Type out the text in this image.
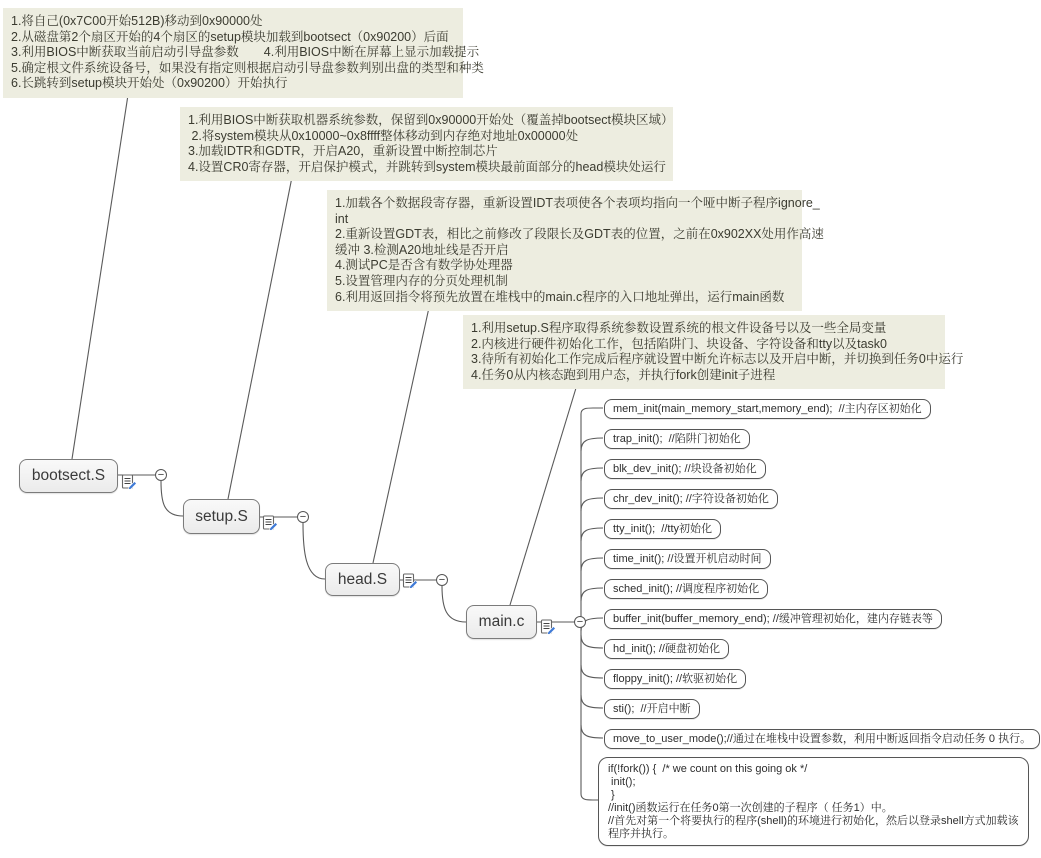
1.将自己(0x7C00开始512B)移动到0x90000处
2.从磁盘第2个扇区开始的4个扇区的setup模块加载到bootsect（0x90200）后面
3.利用BIOS中断获取当前启动引导盘参数　　4.利用BIOS中断在屏幕上显示加载提示
5.确定根文件系统设备号，如果没有指定则根据启动引导盘参数判别出盘的类型和种类
6.长跳转到setup模块开始处（0x90200）开始执行
1.利用BIOS中断获取机器系统参数，保留到0x90000开始处（覆盖掉bootsect模块区域）
2.将system模块从0x10000~0x8ffff整体移动到内存绝对地址0x00000处
3.加载IDTR和GDTR，开启A20，重新设置中断控制芯片
4.设置CR0寄存器，开启保护模式，并跳转到system模块最前面部分的head模块处运行
1.加载各个数据段寄存器，重新设置IDT表项使各个表项均指向一个哑中断子程序ignore_
int
2.重新设置GDT表，相比之前修改了段限长及GDT表的位置，之前在0x902XX处用作高速
缓冲 3.检测A20地址线是否开启
4.测试PC是否含有数学协处理器
5.设置管理内存的分页处理机制
6.利用返回指令将预先放置在堆栈中的main.c程序的入口地址弹出，运行main函数
1.利用setup.S程序取得系统参数设置系统的根文件设备号以及一些全局变量
2.内核进行硬件初始化工作，包括陷阱门、块设备、字符设备和tty以及task0
3.待所有初始化工作完成后程序就设置中断允许标志以及开启中断，并切换到任务0中运行
4.任务0从内核态跑到用户态，并执行fork创建init子进程
bootsect.S
setup.S
head.S
main.c
−
−
−
−
mem_init(main_memory_start,memory_end);  //主内存区初始化
trap_init();  //陷阱门初始化
blk_dev_init(); //块设备初始化
chr_dev_init(); //字符设备初始化
tty_init();  //tty初始化
time_init(); //设置开机启动时间
sched_init(); //调度程序初始化
buffer_init(buffer_memory_end); //缓冲管理初始化，建内存链表等
hd_init(); //硬盘初始化
floppy_init(); //软驱初始化
sti();  //开启中断
move_to_user_mode();//通过在堆栈中设置参数，利用中断返回指令启动任务 0 执行。
if(!fork()) {  /* we count on this going ok */
init();
}
//init()函数运行在任务0第一次创建的子程序（ 任务1）中。
//首先对第一个将要执行的程序(shell)的环境进行初始化，然后以登录shell方式加载该
程序并执行。
